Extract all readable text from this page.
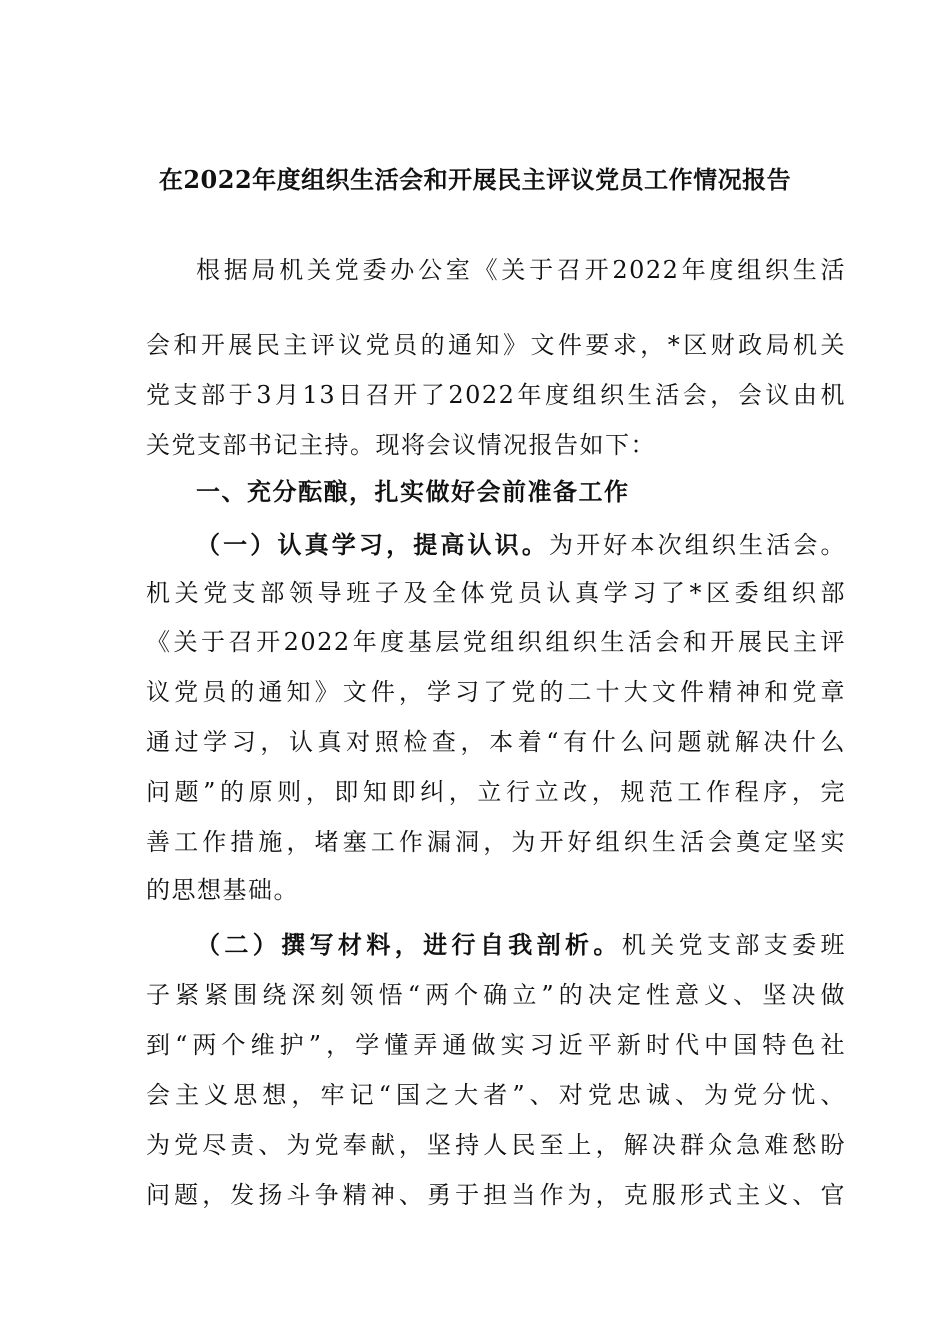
在2022年度组织生活会和开展民主评议党员工作情况报告
根据局机关党委办公室《关于召开2022年度组织生活
会和开展民主评议党员的通知》文件要求，*区财政局机关
党支部于3月13日召开了2022年度组织生活会，会议由机
关党支部书记主持。现将会议情况报告如下：
一、充分酝酿，扎实做好会前准备工作
（一）认真学习，提高认识。为开好本次组织生活会。
机关党支部领导班子及全体党员认真学习了*区委组织部
《关于召开2022年度基层党组织组织生活会和开展民主评
议党员的通知》文件，学习了党的二十大文件精神和党章
通过学习，认真对照检查，本着“有什么问题就解决什么
问题”的原则，即知即纠，立行立改，规范工作程序，完
善工作措施，堵塞工作漏洞，为开好组织生活会奠定坚实
的思想基础。
（二）撰写材料，进行自我剖析。机关党支部支委班
子紧紧围绕深刻领悟“两个确立”的决定性意义、坚决做
到“两个维护”，学懂弄通做实习近平新时代中国特色社
会主义思想，牢记“国之大者”、对党忠诚、为党分忧、
为党尽责、为党奉献，坚持人民至上，解决群众急难愁盼
问题，发扬斗争精神、勇于担当作为，克服形式主义、官
